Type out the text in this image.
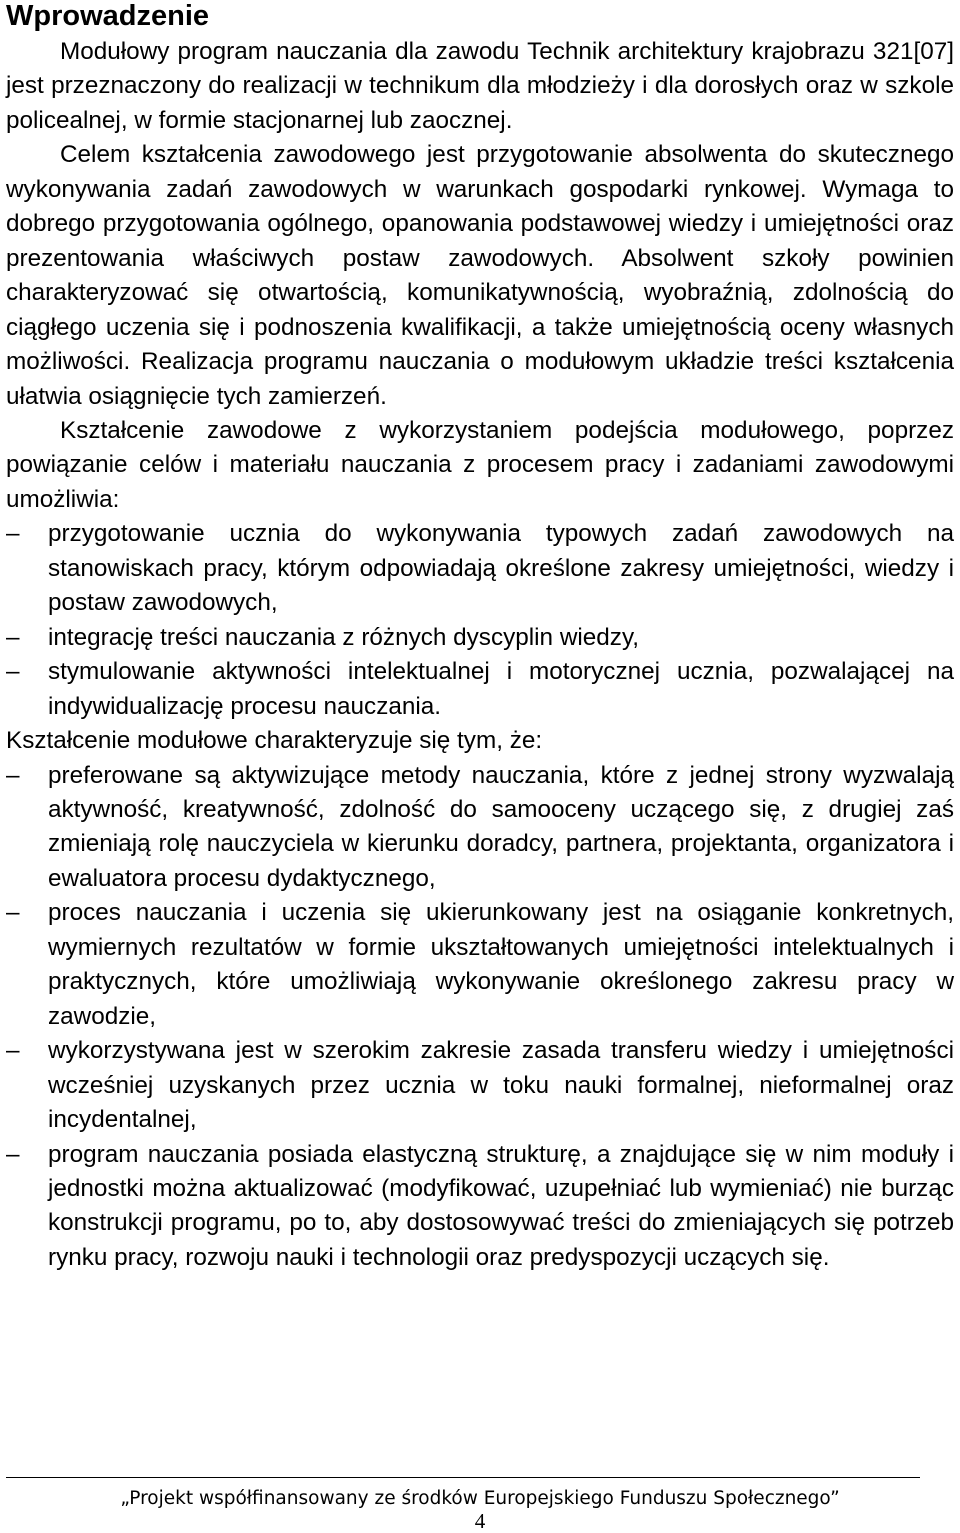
Wprowadzenie

Modułowy program nauczania dla zawodu Technik architektury krajobrazu 321[07] jest przeznaczony do realizacji w technikum dla młodzieży i dla dorosłych oraz w szkole policealnej, w formie stacjonarnej lub zaocznej.

Celem kształcenia zawodowego jest przygotowanie absolwenta do skutecznego wykonywania zadań zawodowych w warunkach gospodarki rynkowej. Wymaga to dobrego przygotowania ogólnego, opanowania podstawowej wiedzy i umiejętności oraz prezentowania właściwych postaw zawodowych. Absolwent szkoły powinien charakteryzować się otwartością, komunikatywnością, wyobraźnią, zdolnością do ciągłego uczenia się i podnoszenia kwalifikacji, a także umiejętnością oceny własnych możliwości. Realizacja programu nauczania o modułowym układzie treści kształcenia ułatwia osiągnięcie tych zamierzeń.

Kształcenie zawodowe z wykorzystaniem podejścia modułowego, poprzez powiązanie celów i materiału nauczania z procesem pracy i zadaniami zawodowymi umożliwia:

– przygotowanie ucznia do wykonywania typowych zadań zawodowych na stanowiskach pracy, którym odpowiadają określone zakresy umiejętności, wiedzy i postaw zawodowych,
– integrację treści nauczania z różnych dyscyplin wiedzy,
– stymulowanie aktywności intelektualnej i motorycznej ucznia, pozwalającej na indywidualizację procesu nauczania.

Kształcenie modułowe charakteryzuje się tym, że:

– preferowane są aktywizujące metody nauczania, które z jednej strony wyzwalają aktywność, kreatywność, zdolność do samooceny uczącego się, z drugiej zaś zmieniają rolę nauczyciela w kierunku doradcy, partnera, projektanta, organizatora i ewaluatora procesu dydaktycznego,
– proces nauczania i uczenia się ukierunkowany jest na osiąganie konkretnych, wymiernych rezultatów w formie ukształtowanych umiejętności intelektualnych i praktycznych, które umożliwiają wykonywanie określonego zakresu pracy w zawodzie,
– wykorzystywana jest w szerokim zakresie zasada transferu wiedzy i umiejętności wcześniej uzyskanych przez ucznia w toku nauki formalnej, nieformalnej oraz incydentalnej,
– program nauczania posiada elastyczną strukturę, a znajdujące się w nim moduły i jednostki można aktualizować (modyfikować, uzupełniać lub wymieniać) nie burząc konstrukcji programu, po to, aby dostosowywać treści do zmieniających się potrzeb rynku pracy, rozwoju nauki i technologii oraz predyspozycji uczących się.
„Projekt współfinansowany ze środków Europejskiego Funduszu Społecznego”
4
